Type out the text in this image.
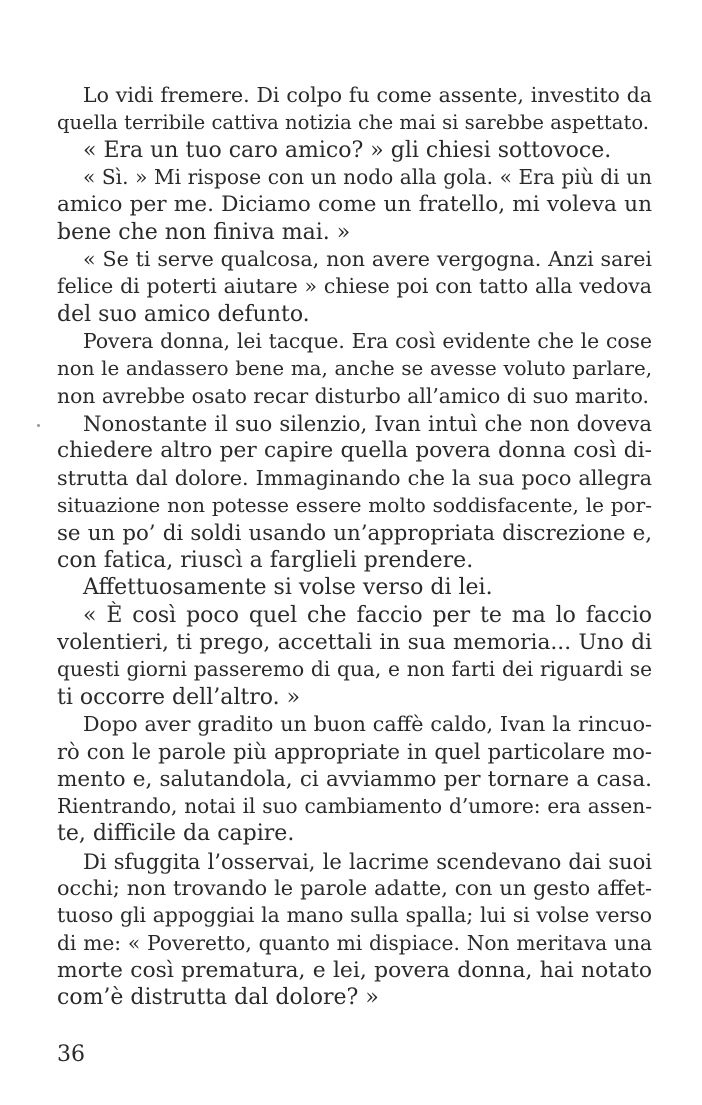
Lo vidi fremere. Di colpo fu come assente, investito da
quella terribile cattiva notizia che mai si sarebbe aspettato.
« Era un tuo caro amico? » gli chiesi sottovoce.
« Sì. » Mi rispose con un nodo alla gola. « Era più di un
amico per me. Diciamo come un fratello, mi voleva un
bene che non finiva mai. »
« Se ti serve qualcosa, non avere vergogna. Anzi sarei
felice di poterti aiutare » chiese poi con tatto alla vedova
del suo amico defunto.
Povera donna, lei tacque. Era così evidente che le cose
non le andassero bene ma, anche se avesse voluto parlare,
non avrebbe osato recar disturbo all’amico di suo marito.
Nonostante il suo silenzio, Ivan intuì che non doveva
chiedere altro per capire quella povera donna così di-
strutta dal dolore. Immaginando che la sua poco allegra
situazione non potesse essere molto soddisfacente, le por-
se un po’ di soldi usando un’appropriata discrezione e,
con fatica, riuscì a farglieli prendere.
Affettuosamente si volse verso di lei.
« È così poco quel che faccio per te ma lo faccio
volentieri, ti prego, accettali in sua memoria... Uno di
questi giorni passeremo di qua, e non farti dei riguardi se
ti occorre dell’altro. »
Dopo aver gradito un buon caffè caldo, Ivan la rincuo-
rò con le parole più appropriate in quel particolare mo-
mento e, salutandola, ci avviammo per tornare a casa.
Rientrando, notai il suo cambiamento d’umore: era assen-
te, difficile da capire.
Di sfuggita l’osservai, le lacrime scendevano dai suoi
occhi; non trovando le parole adatte, con un gesto affet-
tuoso gli appoggiai la mano sulla spalla; lui si volse verso
di me: « Poveretto, quanto mi dispiace. Non meritava una
morte così prematura, e lei, povera donna, hai notato
com’è distrutta dal dolore? »
36
